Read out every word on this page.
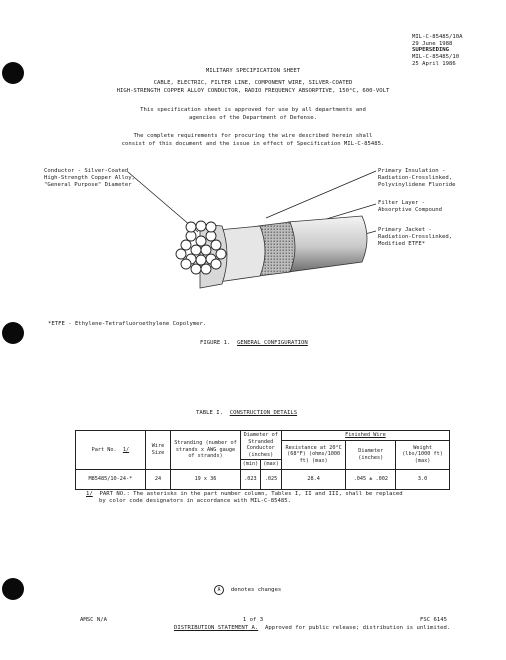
MIL-C-85485/10A
29 June 1988
SUPERSEDING
MIL-C-85485/10
25 April 1986
MILITARY SPECIFICATION SHEET
CABLE, ELECTRIC, FILTER LINE, COMPONENT WIRE, SILVER-COATED
HIGH-STRENGTH COPPER ALLOY CONDUCTOR, RADIO FREQUENCY ABSORPTIVE, 150°C, 600-VOLT
This specification sheet is approved for use by all departments and
agencies of the Department of Defense.
The complete requirements for procuring the wire described herein shall
consist of this document and the issue in effect of Specification MIL-C-85485.
Conductor - Silver-Coated
High-Strength Copper Alloy,
"General Purpose" Diameter
Primary Insulation -
Radiation-Crosslinked,
Polyvinylidene Fluoride
Filter Layer -
Absorptive Compound
Primary Jacket -
Radiation-Crosslinked,
Modified ETFE*
*ETFE - Ethylene-Tetrafluoroethylene Copolymer.
FIGURE 1. GENERAL CONFIGURATION
TABLE I. CONSTRUCTION DETAILS
Part No. 1/	Wire Size	Stranding (number of strands x AWG gauge of strands)	Diameter of Stranded Conductor (inches)		Finished Wire		
					Resistance at 20°C (68°F) (ohms/1000 ft) (max)	Diameter (inches)	Weight (lbs/1000 ft) (max)
			(min)	(max)			
M85485/10-24-*	24	19 x 36	.023	.025	28.4	.045 ± .002	3.0
1/ PART NO.: The asterisks in the part number column, Tables I, II and III, shall be replaced
by color code designators in accordance with MIL-C-85485.
A denotes changes
AMSC N/A	1 of 3	FSC 6145
DISTRIBUTION STATEMENT A. Approved for public release; distribution is unlimited.
